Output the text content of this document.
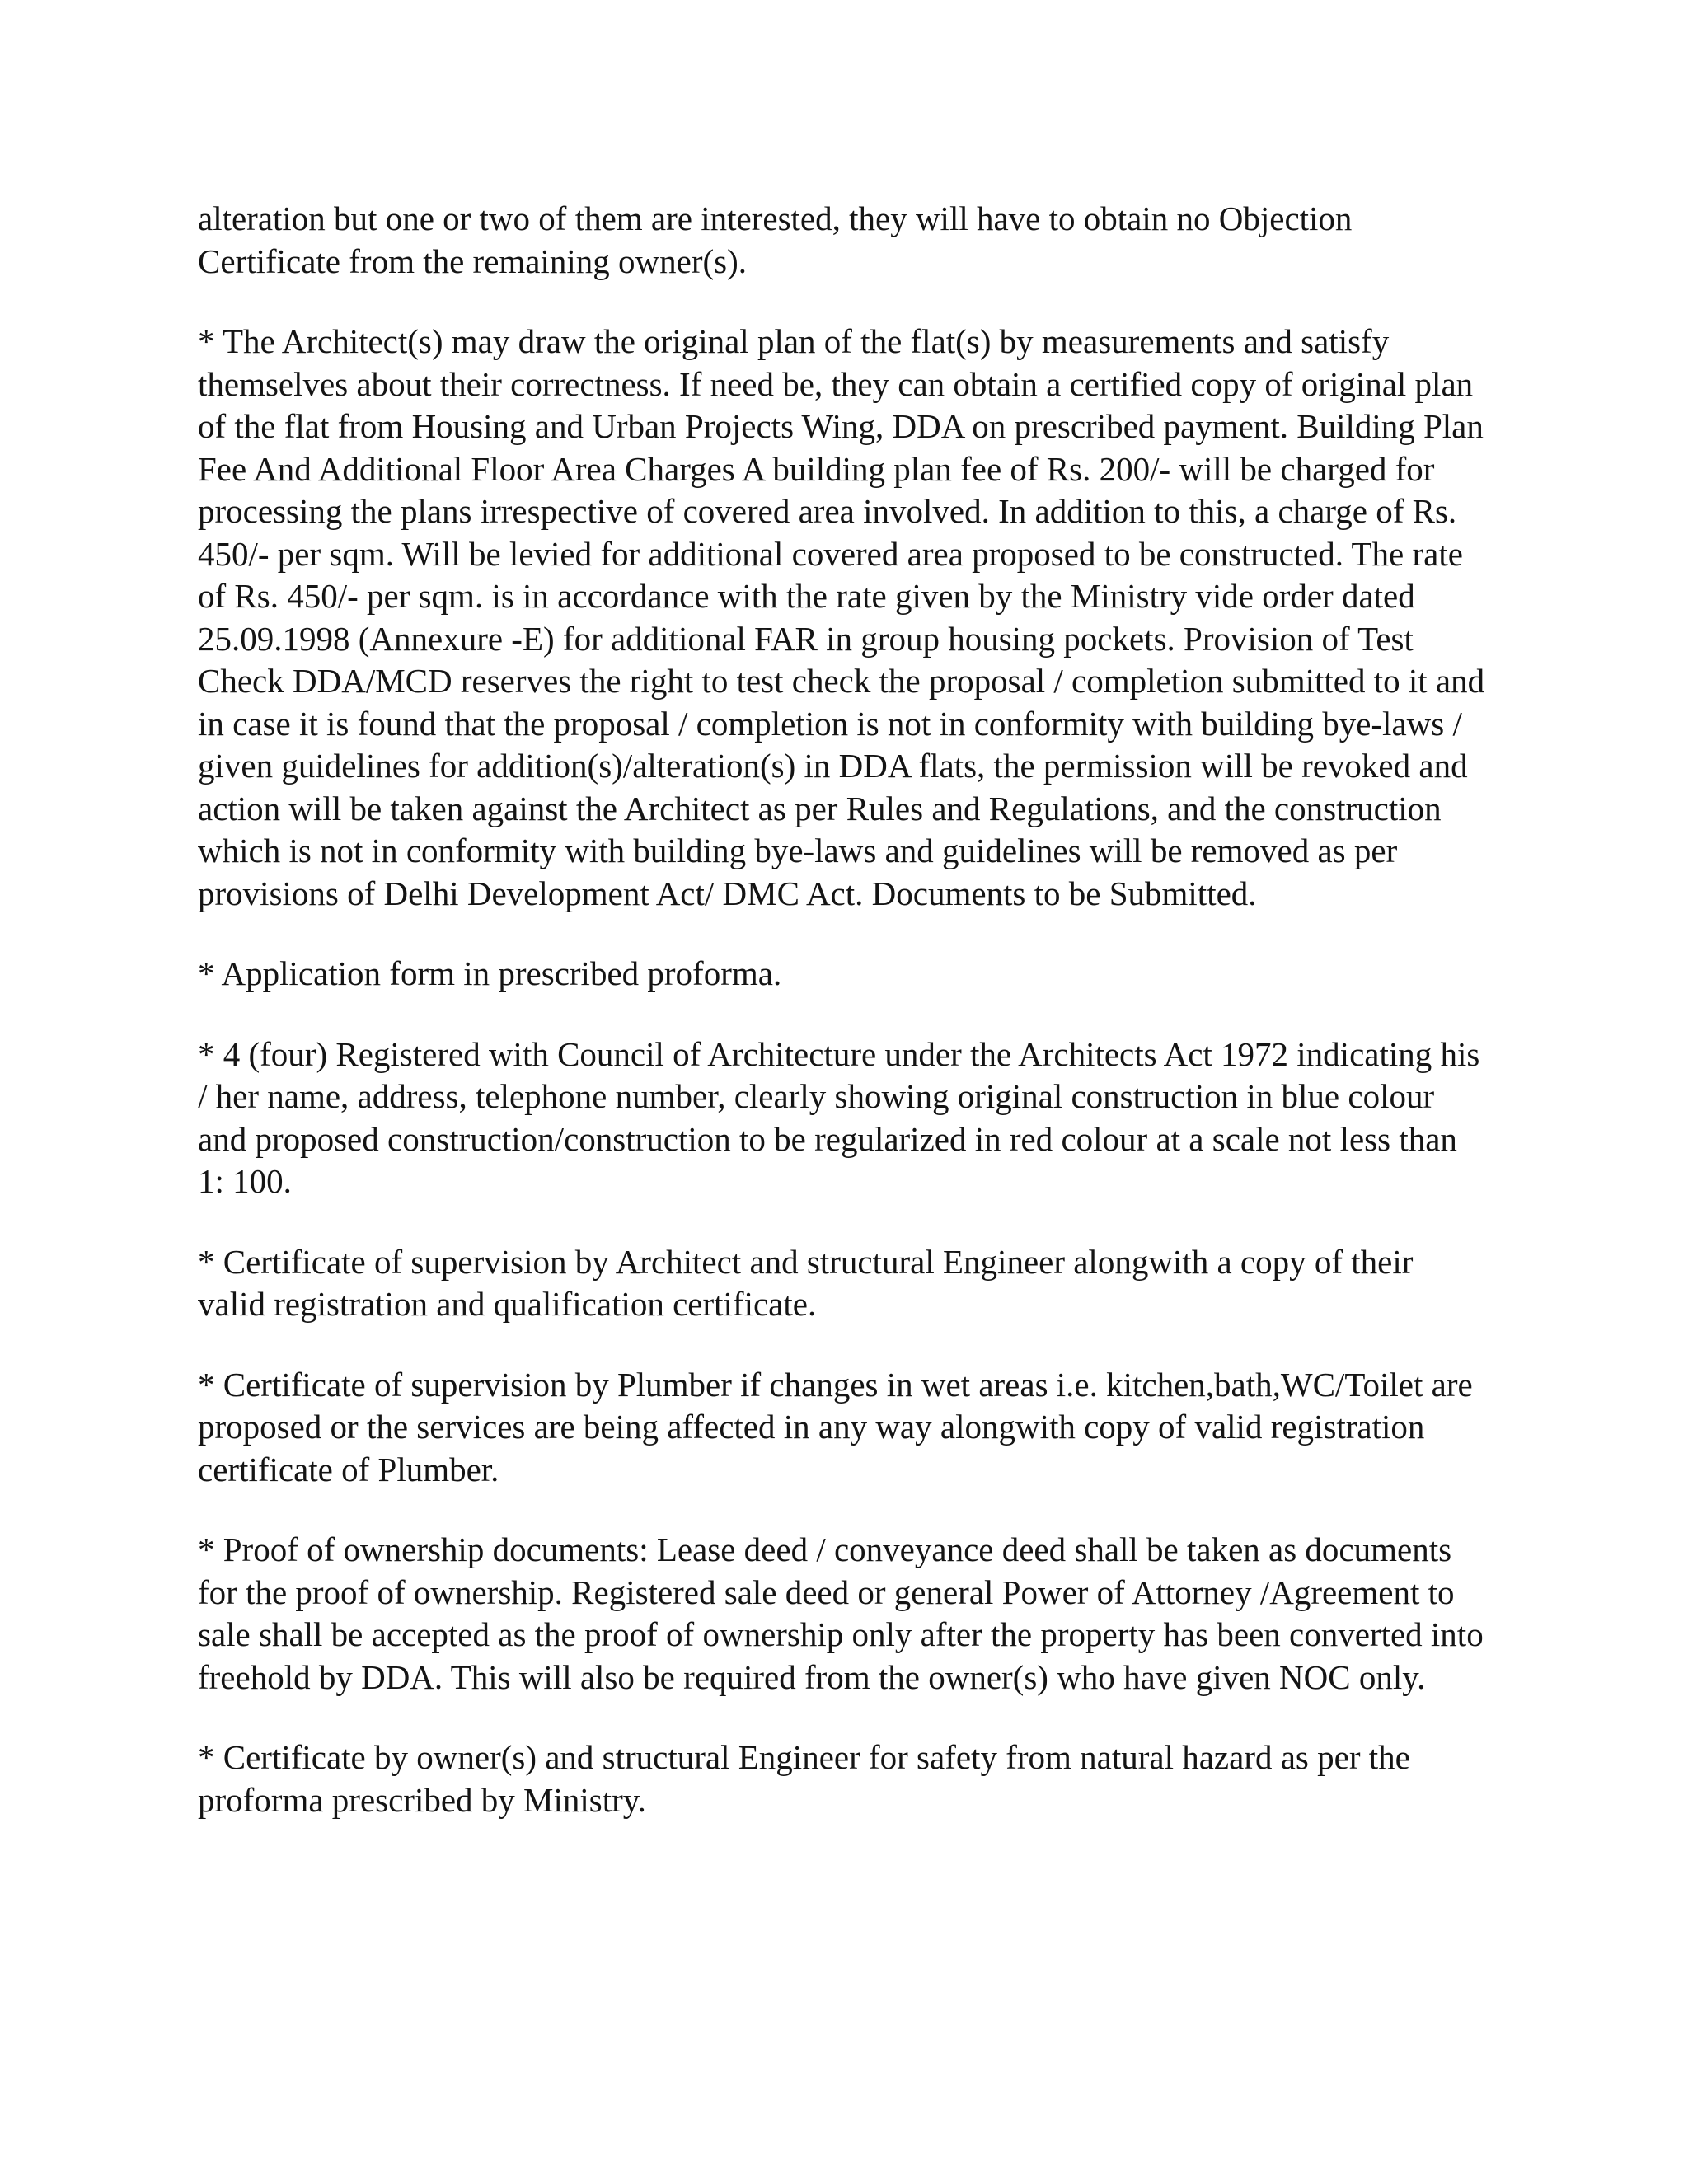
alteration but one or two of them are interested, they will have to obtain no Objection Certificate from the remaining owner(s).

* The Architect(s) may draw the original plan of the flat(s) by measurements and satisfy themselves about their correctness. If need be, they can obtain a certified copy of original plan of the flat from Housing and Urban Projects Wing, DDA on prescribed payment. Building Plan Fee And Additional Floor Area Charges A building plan fee of Rs. 200/- will be charged for processing the plans irrespective of covered area involved. In addition to this, a charge of Rs. 450/- per sqm. Will be levied for additional covered area proposed to be constructed. The rate of Rs. 450/- per sqm. is in accordance with the rate given by the Ministry vide order dated 25.09.1998 (Annexure -E) for additional FAR in group housing pockets. Provision of Test Check DDA/MCD reserves the right to test check the proposal / completion submitted to it and in case it is found that the proposal / completion is not in conformity with building bye-laws / given guidelines for addition(s)/alteration(s) in DDA flats, the permission will be revoked and action will be taken against the Architect as per Rules and Regulations, and the construction which is not in conformity with building bye-laws and guidelines will be removed as per provisions of Delhi Development Act/ DMC Act. Documents to be Submitted.

* Application form in prescribed proforma.

* 4 (four) Registered with Council of Architecture under the Architects Act 1972 indicating his / her name, address, telephone number, clearly showing original construction in blue colour and proposed construction/construction to be regularized in red colour at a scale not less than 1: 100.

* Certificate of supervision by Architect and structural Engineer alongwith a copy of their valid registration and qualification certificate.

* Certificate of supervision by Plumber if changes in wet areas i.e. kitchen,bath,WC/Toilet are proposed or the services are being affected in any way alongwith copy of valid registration certificate of Plumber.

* Proof of ownership documents: Lease deed / conveyance deed shall be taken as documents for the proof of ownership. Registered sale deed or general Power of Attorney /Agreement to sale shall be accepted as the proof of ownership only after the property has been converted into freehold by DDA. This will also be required from the owner(s) who have given NOC only.

* Certificate by owner(s) and structural Engineer for safety from natural hazard as per the proforma prescribed by Ministry.
